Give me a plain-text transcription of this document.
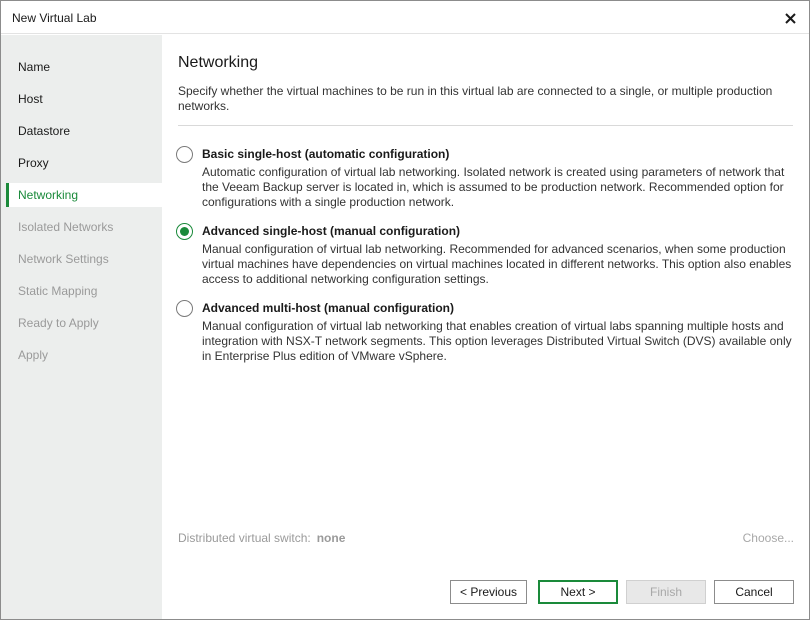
New Virtual Lab
Name
Host
Datastore
Proxy
Networking
Isolated Networks
Network Settings
Static Mapping
Ready to Apply
Apply
Networking
Specify whether the virtual machines to be run in this virtual lab are connected to a single, or multiple production networks.
Basic single-host (automatic configuration)
Automatic configuration of virtual lab networking. Isolated network is created using parameters of network that the Veeam Backup server is located in, which is assumed to be production network. Recommended option for configurations with a single production network.
Advanced single-host (manual configuration)
Manual configuration of virtual lab networking. Recommended for advanced scenarios, when some production virtual machines have dependencies on virtual machines located in different networks. This option also enables access to additional networking configuration settings.
Advanced multi-host (manual configuration)
Manual configuration of virtual lab networking that enables creation of virtual labs spanning multiple hosts and integration with NSX-T network segments. This option leverages Distributed Virtual Switch (DVS) available only in Enterprise Plus edition of VMware vSphere.
Distributed virtual switch: none	Choose...
< Previous	Next >	Finish	Cancel
